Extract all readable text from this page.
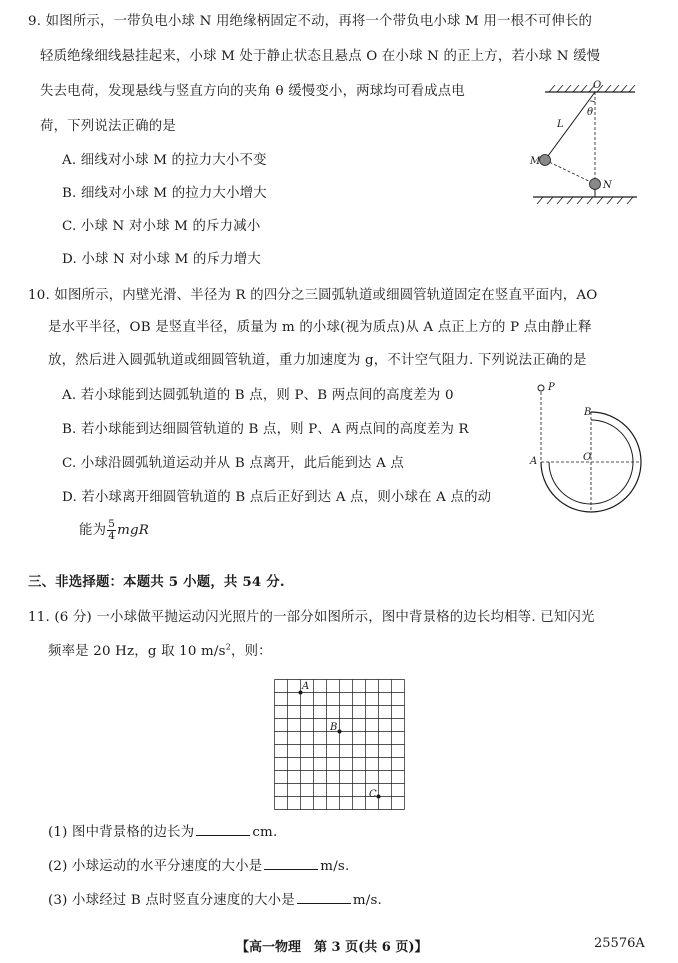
9. 如图所示，一带负电小球 N 用绝缘柄固定不动，再将一个带负电小球 M 用一根不可伸长的
轻质绝缘细线悬挂起来，小球 M 处于静止状态且悬点 O 在小球 N 的正上方，若小球 N 缓慢
失去电荷，发现悬线与竖直方向的夹角 θ 缓慢变小，两球均可看成点电
荷，下列说法正确的是
A. 细线对小球 M 的拉力大小不变
B. 细线对小球 M 的拉力大小增大
C. 小球 N 对小球 M 的斥力减小
D. 小球 N 对小球 M 的斥力增大
O
θ
L
M
N
10. 如图所示，内壁光滑、半径为 R 的四分之三圆弧轨道或细圆管轨道固定在竖直平面内，AO
是水平半径，OB 是竖直半径，质量为 m 的小球(视为质点)从 A 点正上方的 P 点由静止释
放，然后进入圆弧轨道或细圆管轨道，重力加速度为 g，不计空气阻力. 下列说法正确的是
A. 若小球能到达圆弧轨道的 B 点，则 P、B 两点间的高度差为 0
B. 若小球能到达细圆管轨道的 B 点，则 P、A 两点间的高度差为 R
C. 小球沿圆弧轨道运动并从 B 点离开，此后能到达 A 点
D. 若小球离开细圆管轨道的 B 点后正好到达 A 点，则小球在 A 点的动
能为 $\frac{5}{4}$ mgR
P
B
A	O
三、非选择题：本题共 5 小题，共 54 分.
11. (6 分) 一小球做平抛运动闪光照片的一部分如图所示，图中背景格的边长均相等. 已知闪光
频率是 20 Hz，g 取 10 $m/s^2$，则：
A
B
C
(1) 图中背景格的边长为	cm.
(2) 小球运动的水平分速度的大小是	m/s.
(3) 小球经过 B 点时竖直分速度的大小是	m/s.
【高一物理　第 3 页(共 6 页)】	25576A
